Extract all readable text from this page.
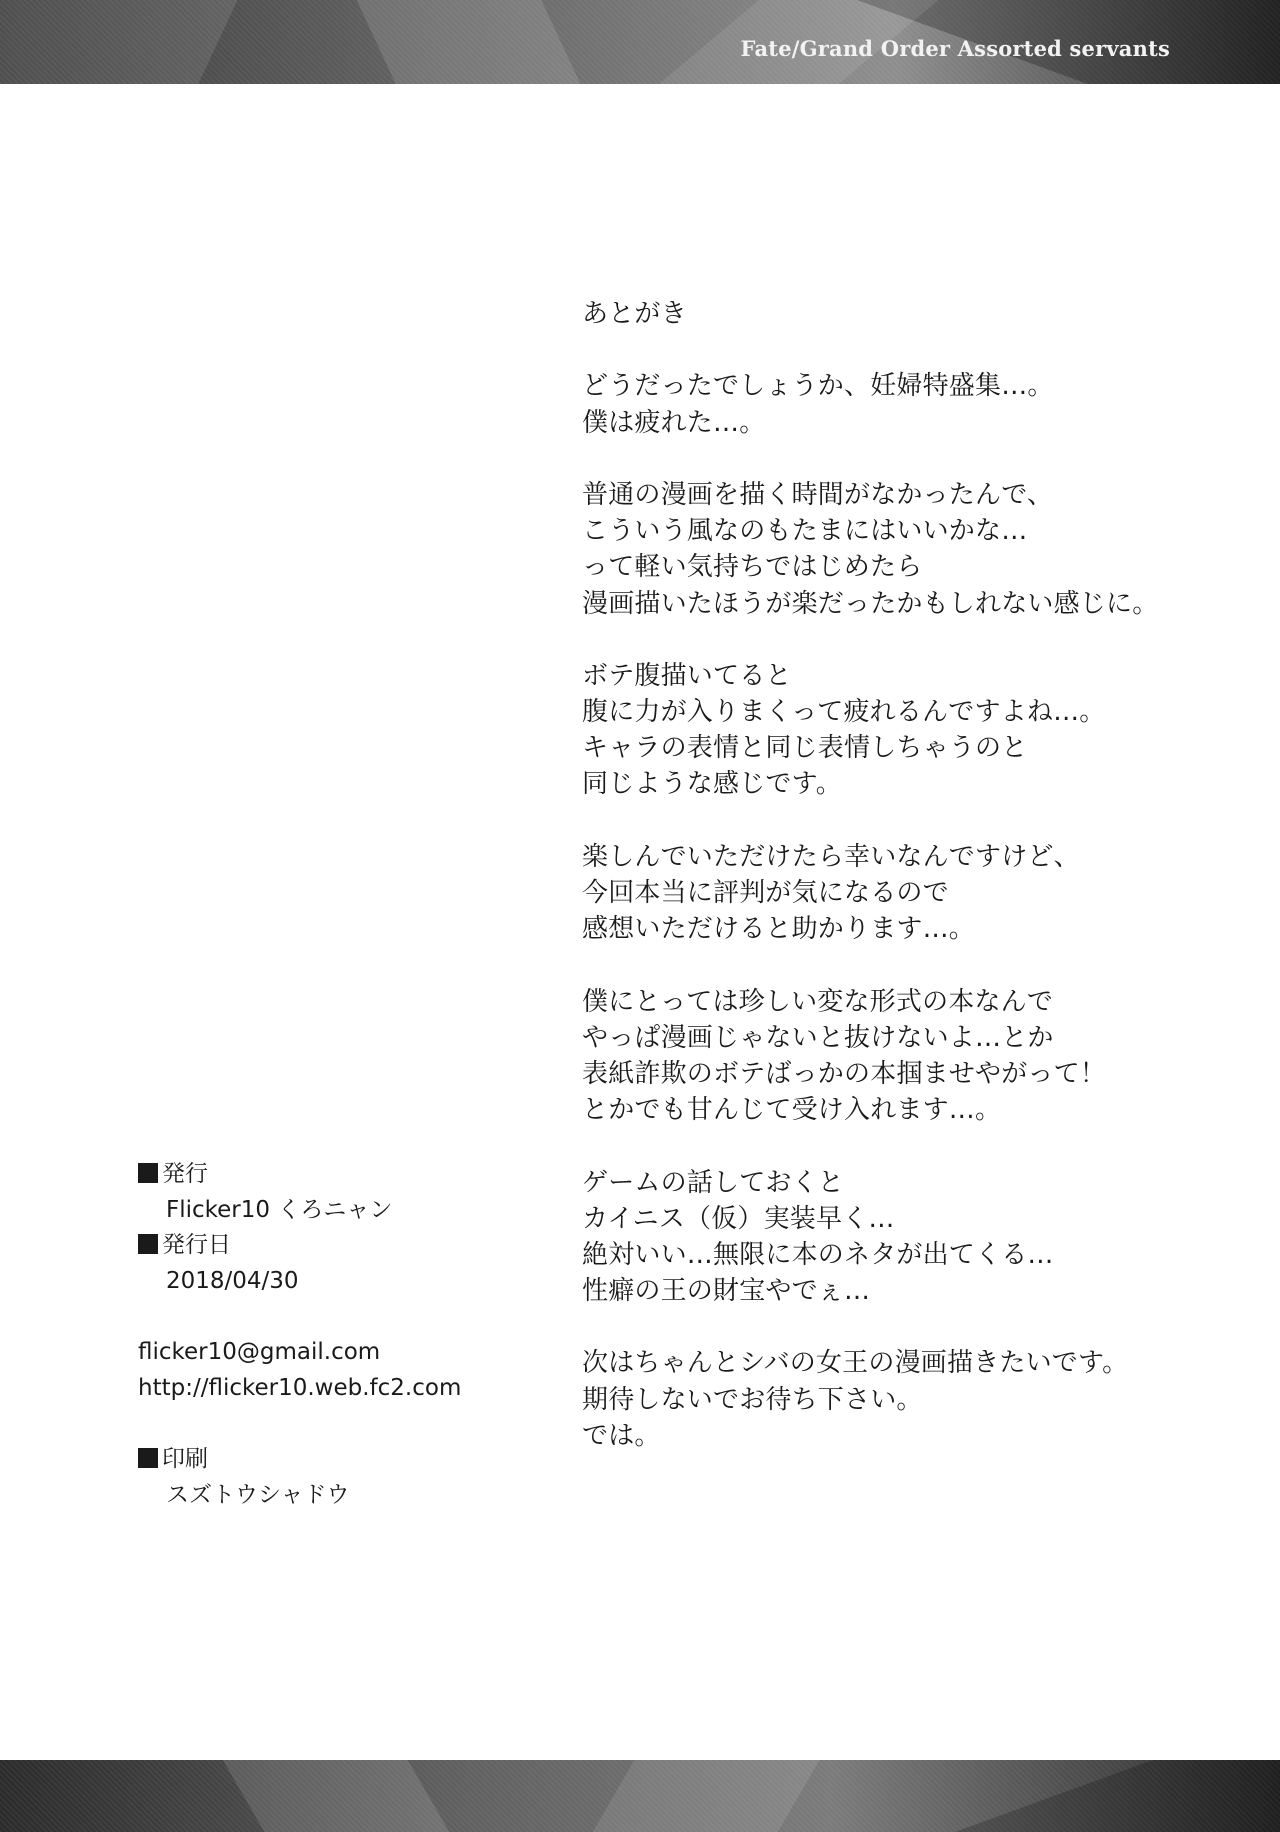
Fate/Grand Order Assorted servants
あとがき
どうだったでしょうか、妊婦特盛集…。
僕は疲れた…。
普通の漫画を描く時間がなかったんで、
こういう風なのもたまにはいいかな…
って軽い気持ちではじめたら
漫画描いたほうが楽だったかもしれない感じに。
ボテ腹描いてると
腹に力が入りまくって疲れるんですよね…。
キャラの表情と同じ表情しちゃうのと
同じような感じです。
楽しんでいただけたら幸いなんですけど、
今回本当に評判が気になるので
感想いただけると助かります…。
僕にとっては珍しい変な形式の本なんで
やっぱ漫画じゃないと抜けないよ…とか
表紙詐欺のボテばっかの本掴ませやがって！
とかでも甘んじて受け入れます…。
ゲームの話しておくと
カイニス（仮）実装早く…
絶対いい…無限に本のネタが出てくる…
性癖の王の財宝やでぇ…
次はちゃんとシバの女王の漫画描きたいです。
期待しないでお待ち下さい。
では。
発行
Flicker10 くろニャン
発行日
2018/04/30
flicker10@gmail.com
http://flicker10.web.fc2.com
印刷
スズトウシャドウ
